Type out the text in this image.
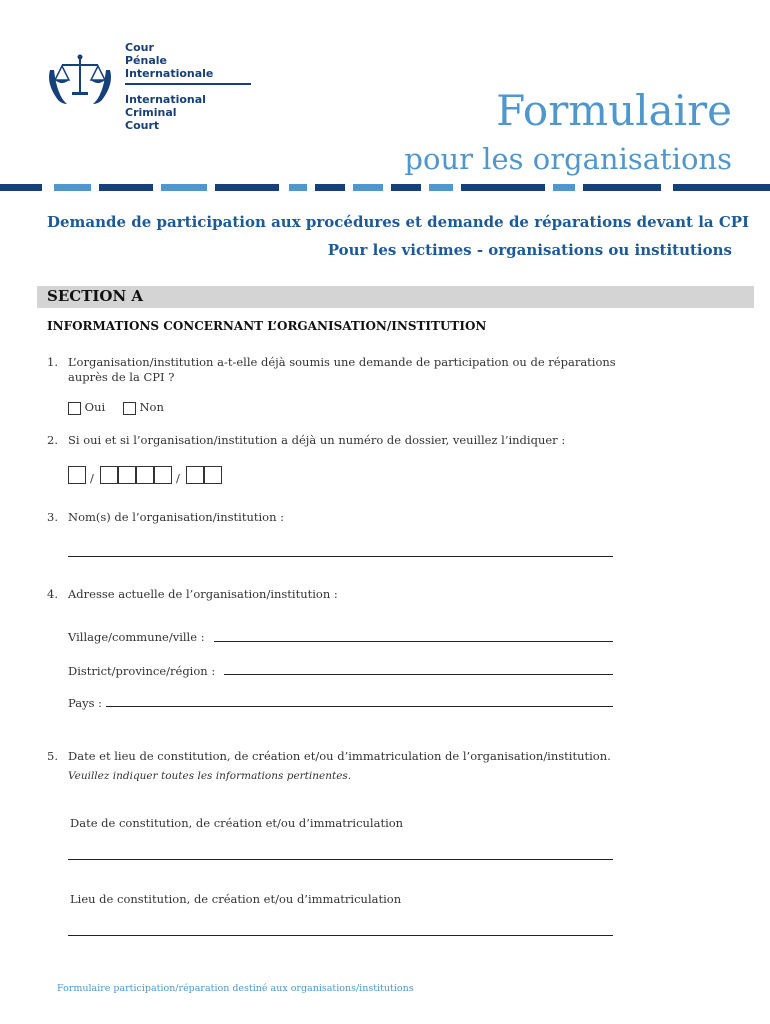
Cour
Pénale
Internationale
International
Criminal
Court	Formulaire
pour les organisations
Demande de participation aux procédures et demande de réparations devant la CPI
Pour les victimes - organisations ou institutions
SECTION A
INFORMATIONS CONCERNANT L’ORGANISATION/INSTITUTION
1. L’organisation/institution a-t-elle déjà soumis une demande de participation ou de réparations
auprès de la CPI ?
Oui	Non
2. Si oui et si l’organisation/institution a déjà un numéro de dossier, veuillez l’indiquer :
/	/
3. Nom(s) de l’organisation/institution :
4. Adresse actuelle de l’organisation/institution :
Village/commune/ville :
District/province/région :
Pays :
5. Date et lieu de constitution, de création et/ou d’immatriculation de l’organisation/institution.
Veuillez indiquer toutes les informations pertinentes.
Date de constitution, de création et/ou d’immatriculation
Lieu de constitution, de création et/ou d’immatriculation
Formulaire participation/réparation destiné aux organisations/institutions
